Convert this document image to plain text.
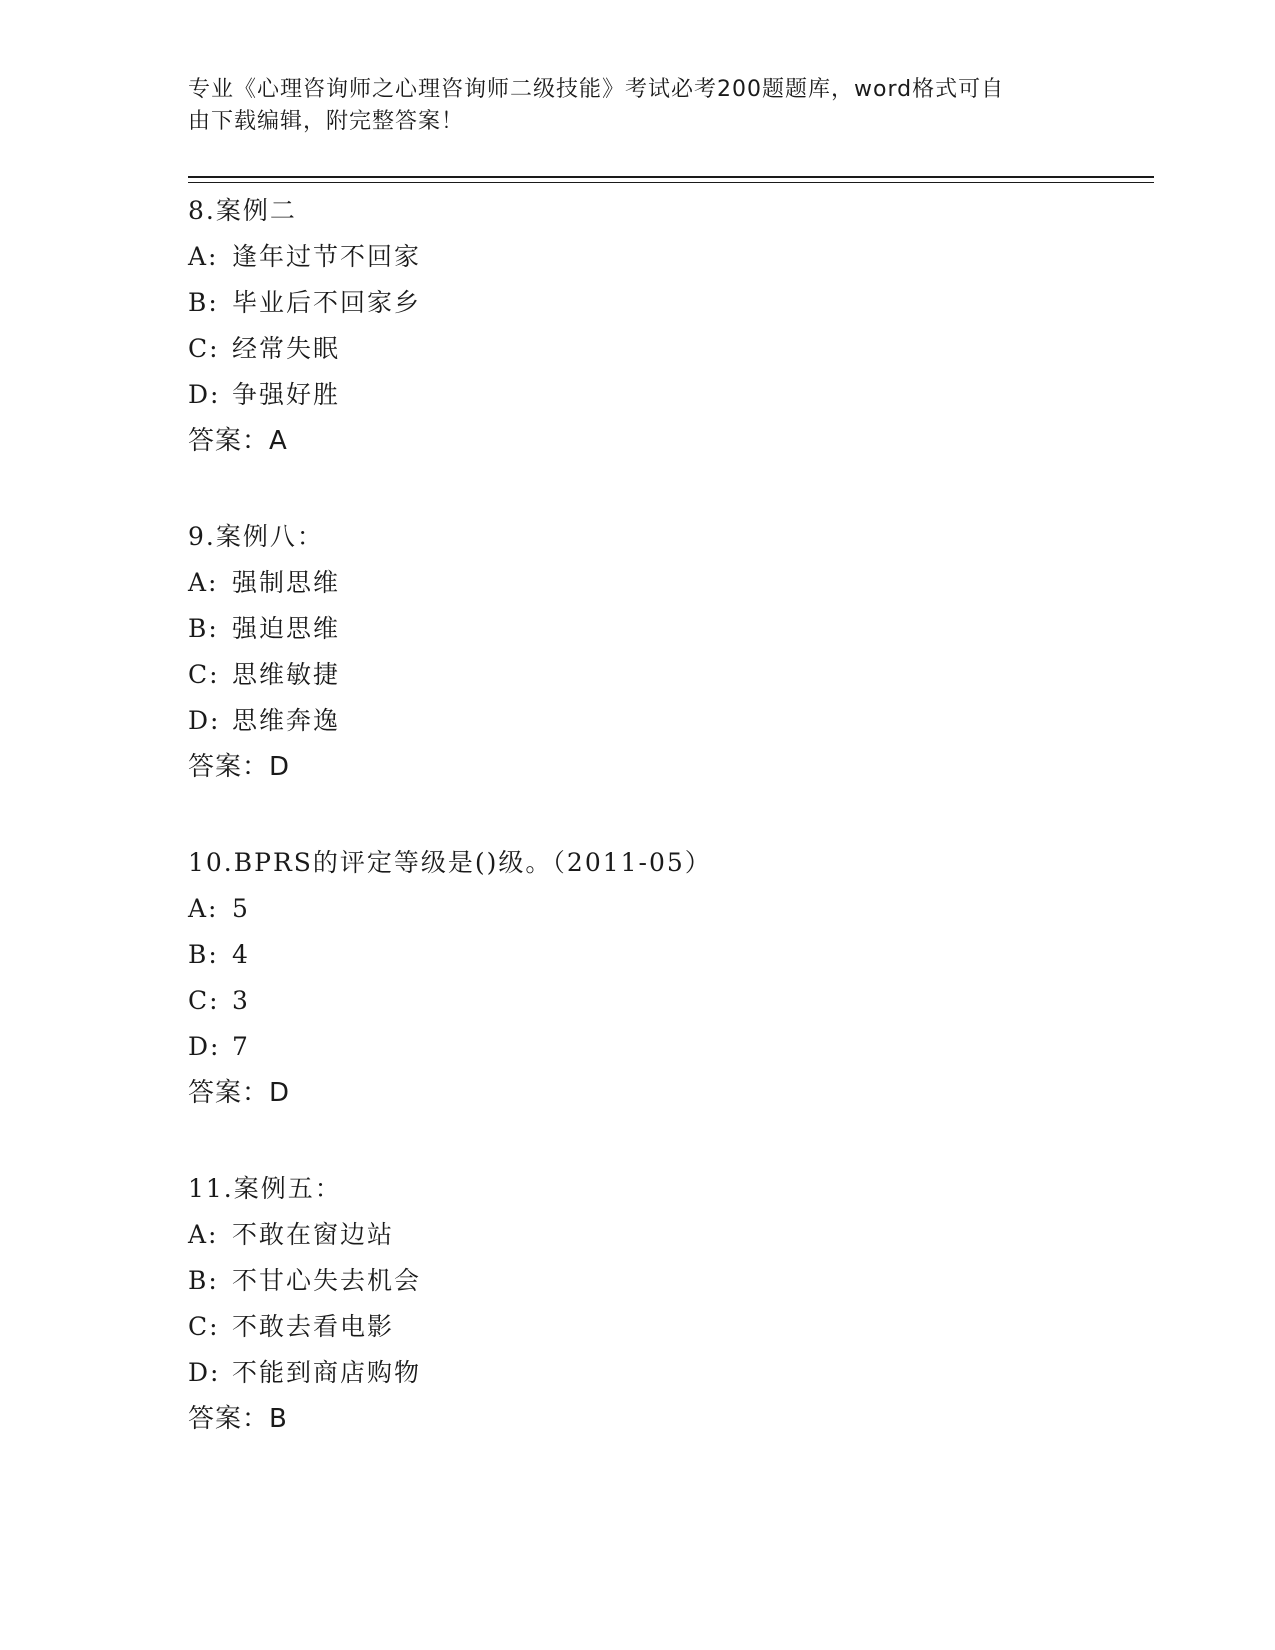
专业《心理咨询师之心理咨询师二级技能》考试必考200题题库，word格式可自
由下载编辑，附完整答案！
8.案例二
A: 逢年过节不回家
B: 毕业后不回家乡
C: 经常失眠
D: 争强好胜
答案：A
9.案例八：
A: 强制思维
B: 强迫思维
C: 思维敏捷
D: 思维奔逸
答案：D
10.BPRS的评定等级是()级。（2011-05）
A: 5
B: 4
C: 3
D: 7
答案：D
11.案例五：
A: 不敢在窗边站
B: 不甘心失去机会
C: 不敢去看电影
D: 不能到商店购物
答案：B
